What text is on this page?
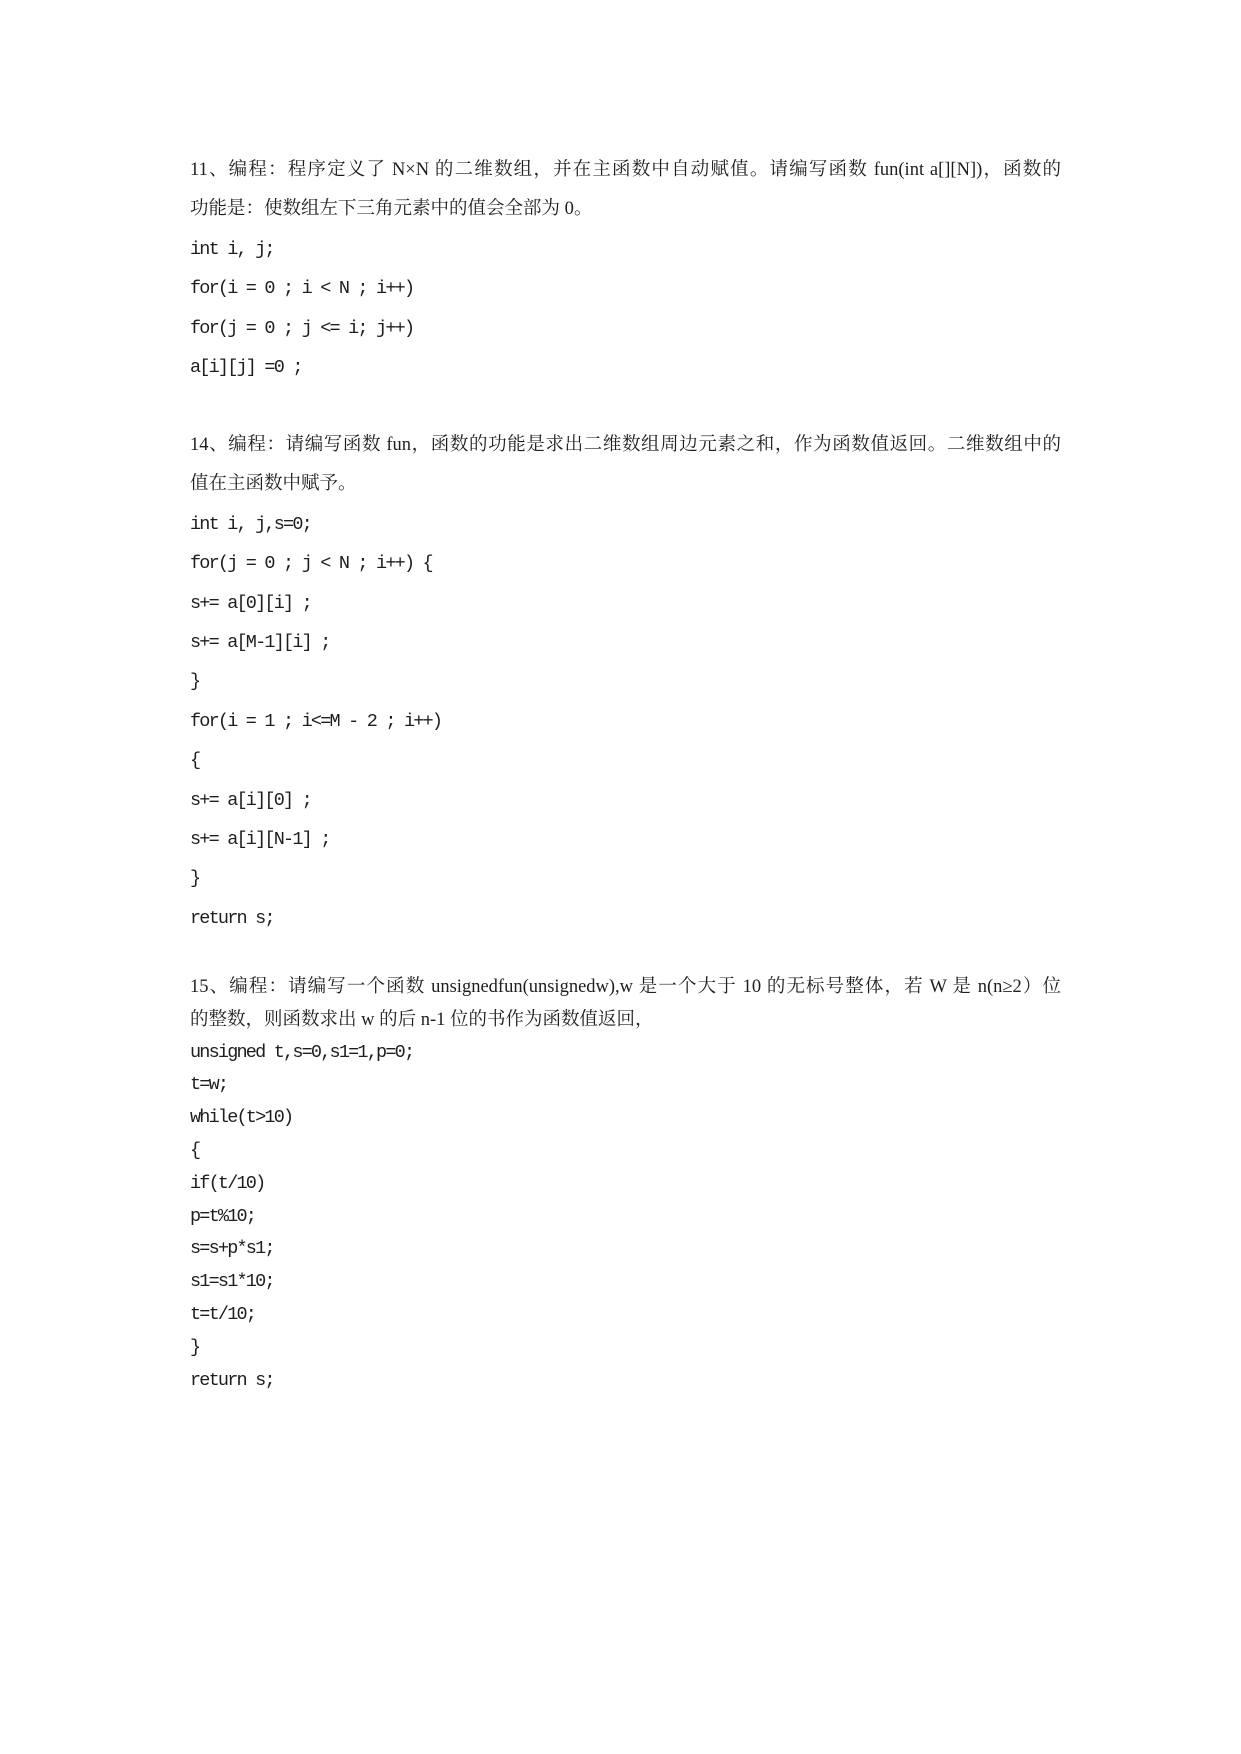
11、编程：程序定义了 N×N 的二维数组，并在主函数中自动赋值。请编写函数 fun(int a[][N])，函数的
功能是：使数组左下三角元素中的值会全部为 0。
int i, j;
for(i = 0 ; i < N ; i++)
for(j = 0 ; j <= i; j++)
a[i][j] =0 ;
14、编程：请编写函数 fun，函数的功能是求出二维数组周边元素之和，作为函数值返回。二维数组中的
值在主函数中赋予。
int i, j,s=0;
for(j = 0 ; j < N ; i++) {
s+= a[0][i] ;
s+= a[M-1][i] ;
}
for(i = 1 ; i<=M - 2 ; i++)
{
s+= a[i][0] ;
s+= a[i][N-1] ;
}
return s;
15、编程：请编写一个函数 unsignedfun(unsignedw),w 是一个大于 10 的无标号整体，若 W 是 n(n≥2）位
的整数，则函数求出 w 的后 n-1 位的书作为函数值返回，
unsigned t,s=0,s1=1,p=0;
t=w;
while(t>10)
{
if(t/10)
p=t%10;
s=s+p*s1;
s1=s1*10;
t=t/10;
}
return s;
